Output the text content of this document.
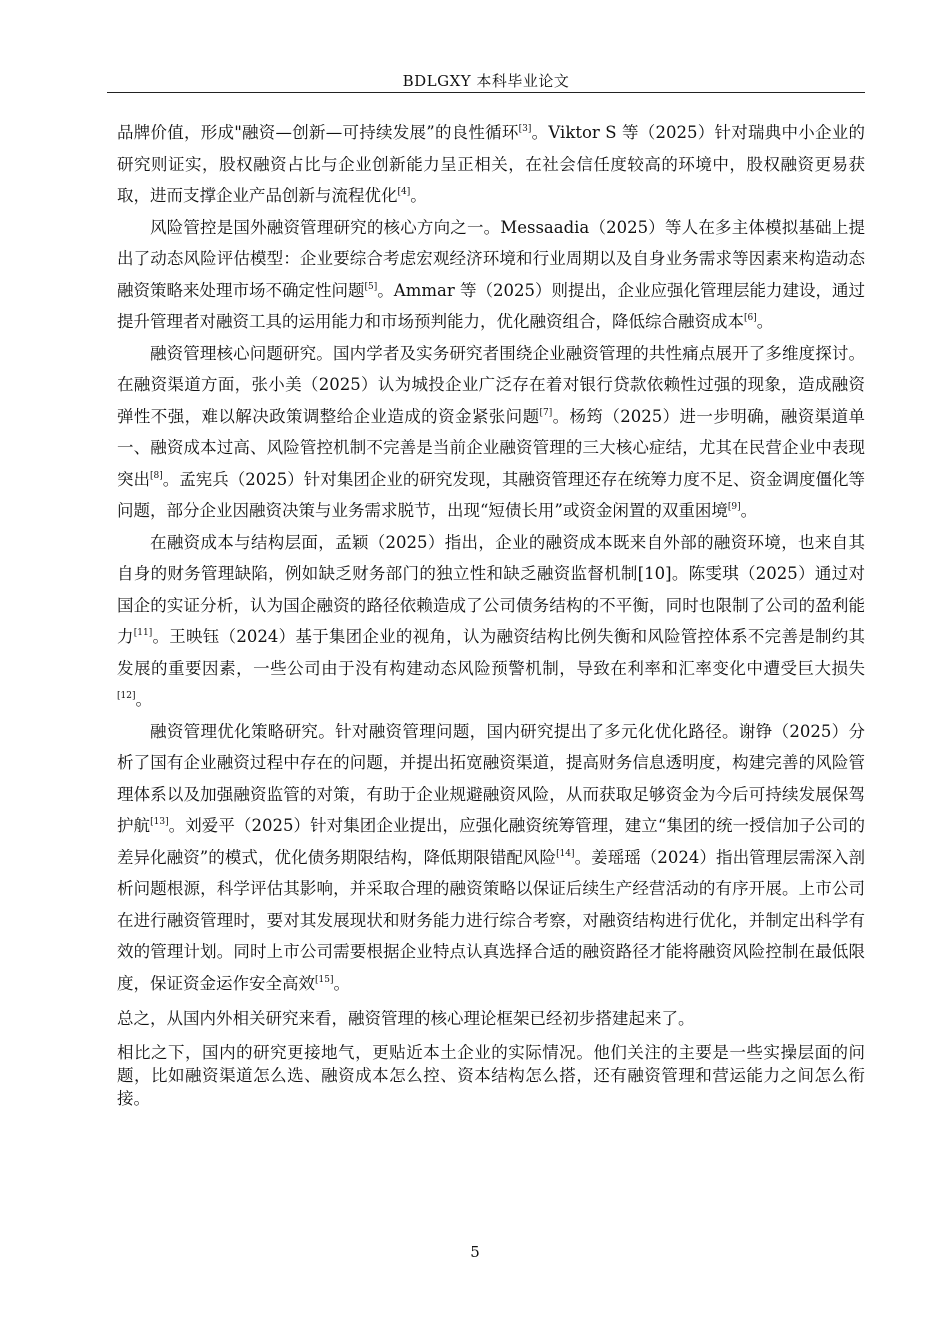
BDLGXY 本科毕业论文

品牌价值，形成"融资—创新—可持续发展”的良性循环[3]。Viktor S 等（2025）针对瑞典中小企业的研究则证实，股权融资占比与企业创新能力呈正相关，在社会信任度较高的环境中，股权融资更易获取，进而支撑企业产品创新与流程优化[4]。

风险管控是国外融资管理研究的核心方向之一。Messaadia（2025）等人在多主体模拟基础上提出了动态风险评估模型：企业要综合考虑宏观经济环境和行业周期以及自身业务需求等因素来构造动态融资策略来处理市场不确定性问题[5]。Ammar 等（2025）则提出，企业应强化管理层能力建设，通过提升管理者对融资工具的运用能力和市场预判能力，优化融资组合，降低综合融资成本[6]。

融资管理核心问题研究。国内学者及实务研究者围绕企业融资管理的共性痛点展开了多维度探讨。在融资渠道方面，张小美（2025）认为城投企业广泛存在着对银行贷款依赖性过强的现象，造成融资弹性不强，难以解决政策调整给企业造成的资金紧张问题[7]。杨筠（2025）进一步明确，融资渠道单一、融资成本过高、风险管控机制不完善是当前企业融资管理的三大核心症结，尤其在民营企业中表现突出[8]。孟宪兵（2025）针对集团企业的研究发现，其融资管理还存在统筹力度不足、资金调度僵化等问题，部分企业因融资决策与业务需求脱节，出现“短债长用”或资金闲置的双重困境[9]。

在融资成本与结构层面，孟颖（2025）指出，企业的融资成本既来自外部的融资环境，也来自其自身的财务管理缺陷，例如缺乏财务部门的独立性和缺乏融资监督机制[10]。陈雯琪（2025）通过对国企的实证分析，认为国企融资的路径依赖造成了公司债务结构的不平衡，同时也限制了公司的盈利能力[11]。王映钰（2024）基于集团企业的视角，认为融资结构比例失衡和风险管控体系不完善是制约其发展的重要因素，一些公司由于没有构建动态风险预警机制，导致在利率和汇率变化中遭受巨大损失[12]。

融资管理优化策略研究。针对融资管理问题，国内研究提出了多元化优化路径。谢铮（2025）分析了国有企业融资过程中存在的问题，并提出拓宽融资渠道，提高财务信息透明度，构建完善的风险管理体系以及加强融资监管的对策，有助于企业规避融资风险，从而获取足够资金为今后可持续发展保驾护航[13]。刘爱平（2025）针对集团企业提出，应强化融资统筹管理，建立“集团的统一授信加子公司的差异化融资”的模式，优化债务期限结构，降低期限错配风险[14]。姜瑶瑶（2024）指出管理层需深入剖析问题根源，科学评估其影响，并采取合理的融资策略以保证后续生产经营活动的有序开展。上市公司在进行融资管理时，要对其发展现状和财务能力进行综合考察，对融资结构进行优化，并制定出科学有效的管理计划。同时上市公司需要根据企业特点认真选择合适的融资路径才能将融资风险控制在最低限度，保证资金运作安全高效[15]。

总之，从国内外相关研究来看，融资管理的核心理论框架已经初步搭建起来了。

相比之下，国内的研究更接地气，更贴近本土企业的实际情况。他们关注的主要是一些实操层面的问题，比如融资渠道怎么选、融资成本怎么控、资本结构怎么搭，还有融资管理和营运能力之间怎么衔接。

5
